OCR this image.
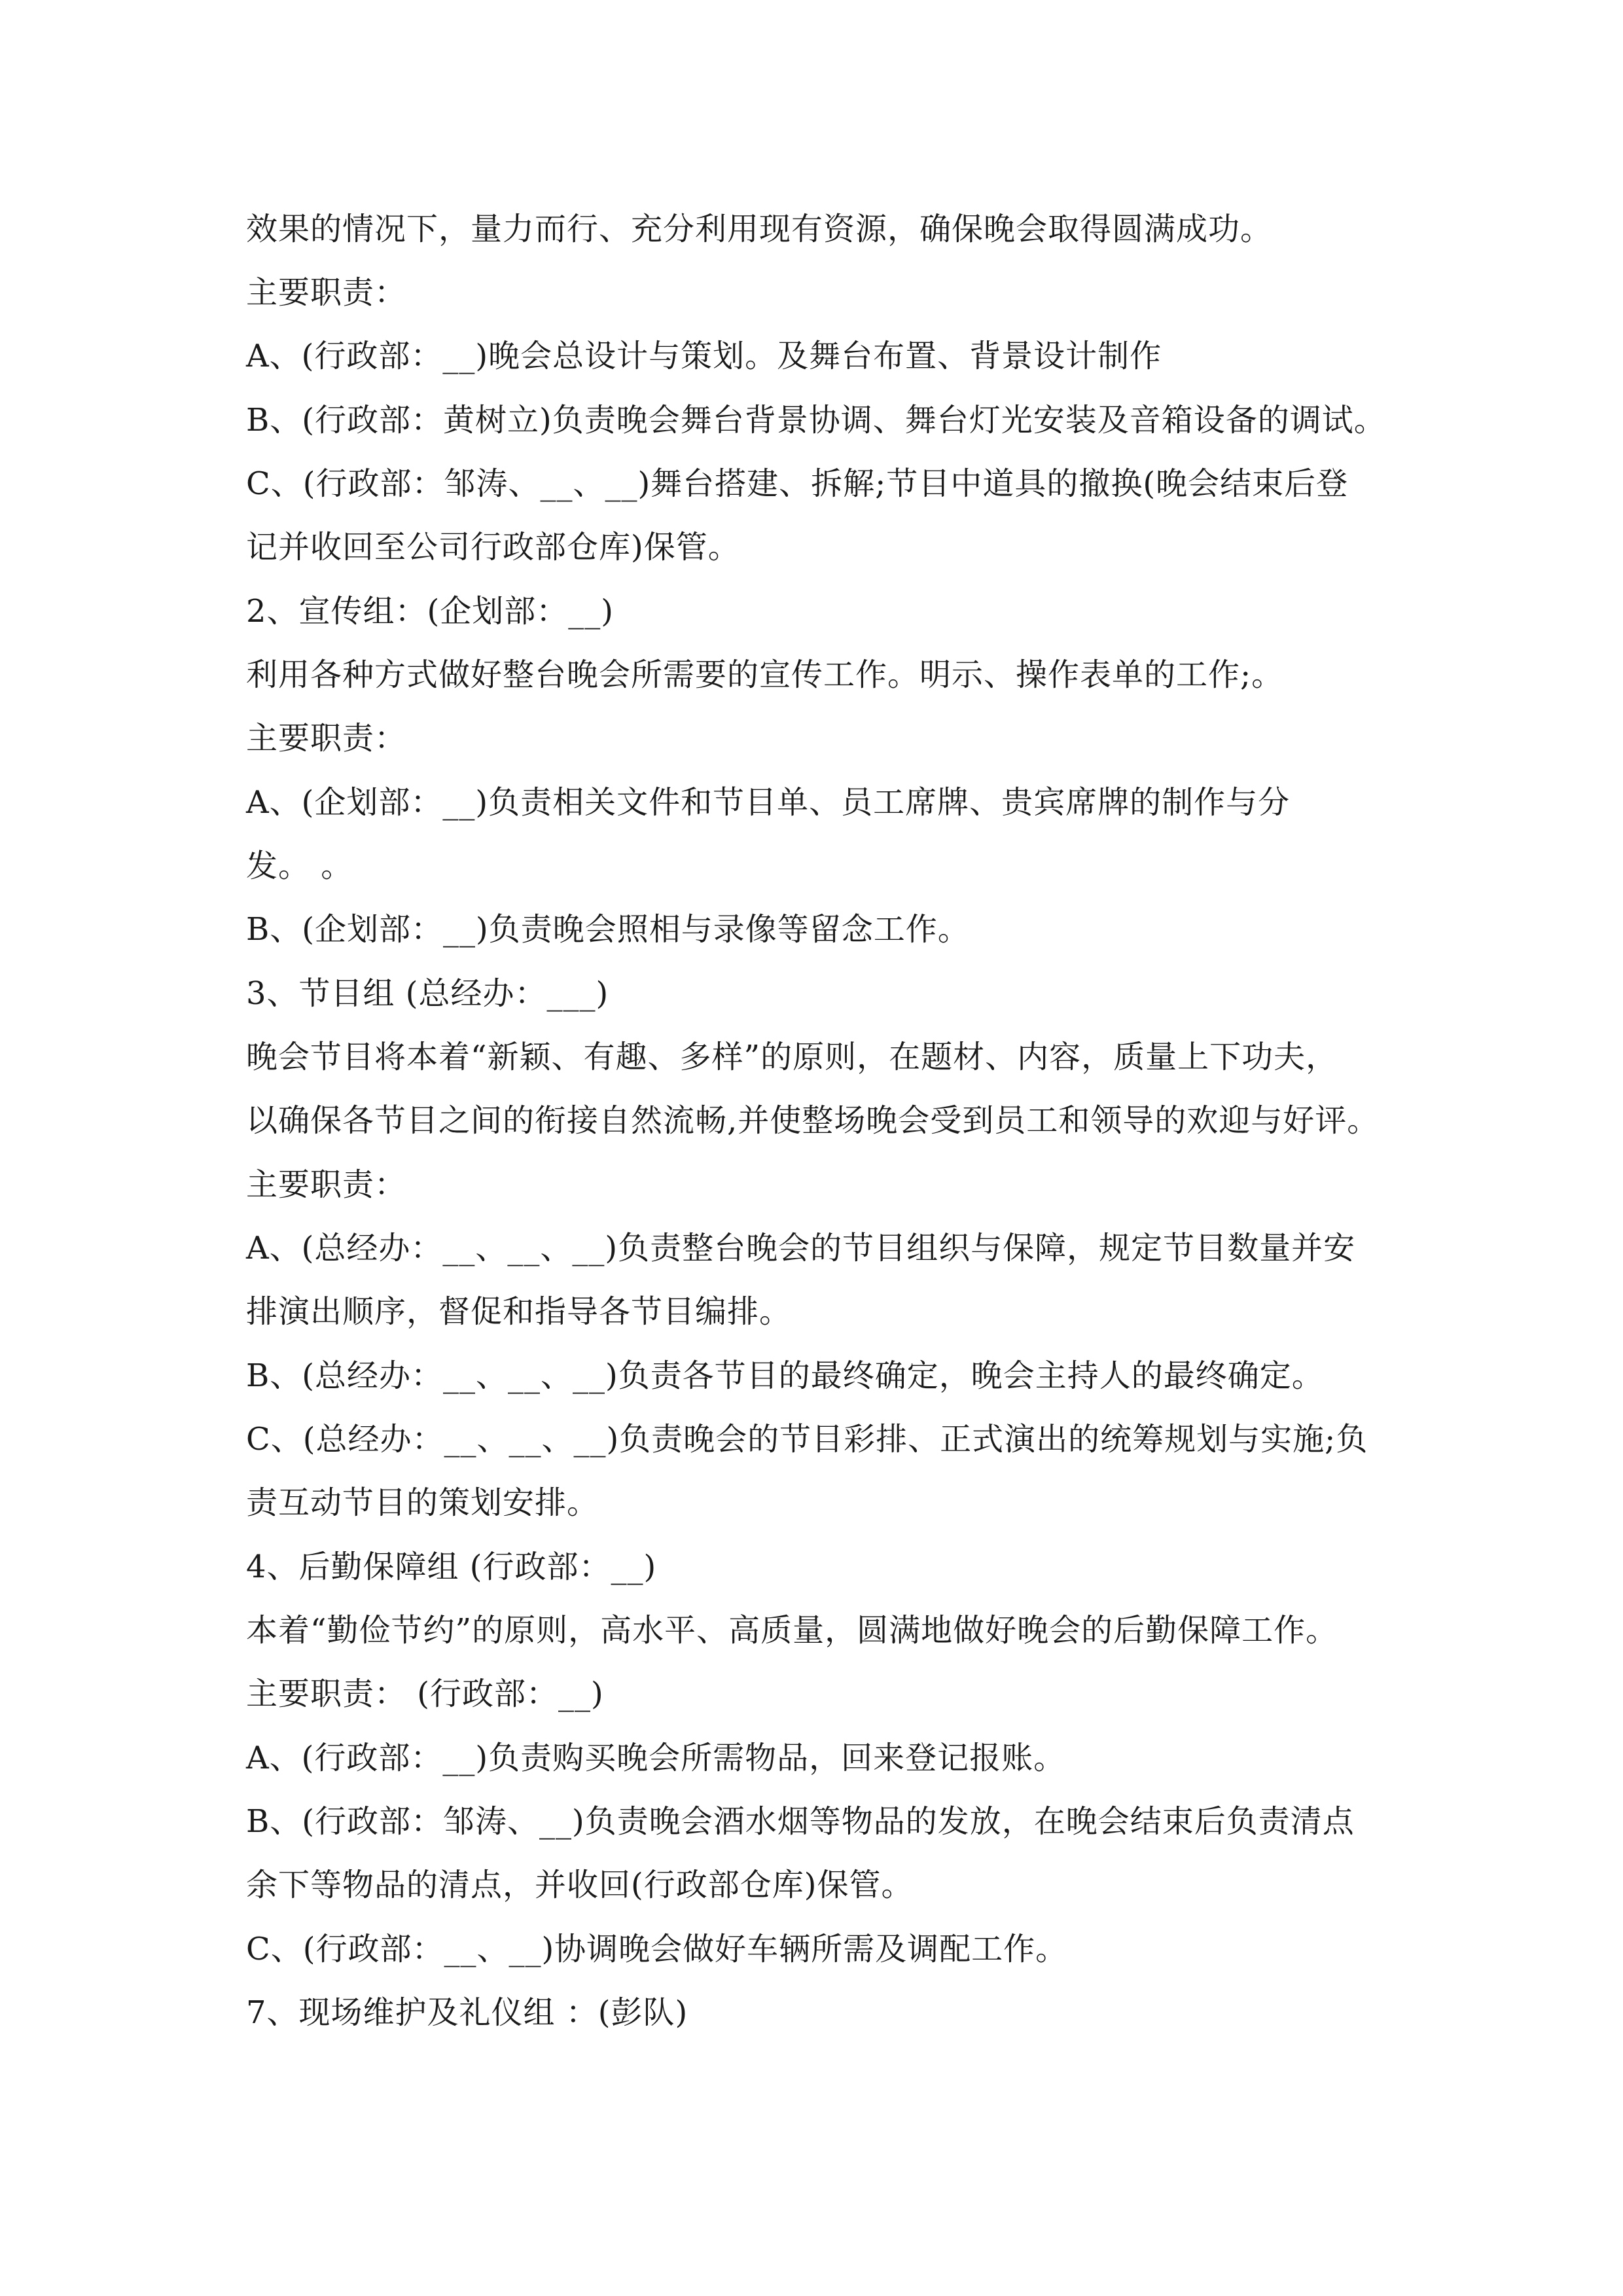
效果的情况下，量力而行、充分利用现有资源，确保晚会取得圆满成功。
主要职责：
A、(行政部：__)晚会总设计与策划。及舞台布置、背景设计制作
B、(行政部：黄树立)负责晚会舞台背景协调、舞台灯光安装及音箱设备的调试。
C、(行政部：邹涛、__、__)舞台搭建、拆解;节目中道具的撤换(晚会结束后登
记并收回至公司行政部仓库)保管。
2、宣传组：(企划部：__)
利用各种方式做好整台晚会所需要的宣传工作。明示、操作表单的工作;。
主要职责：
A、(企划部：__)负责相关文件和节目单、员工席牌、贵宾席牌的制作与分
发。 。
B、(企划部：__)负责晚会照相与录像等留念工作。
3、节目组 (总经办：___)
晚会节目将本着“新颖、有趣、多样”的原则，在题材、内容，质量上下功夫，
以确保各节目之间的衔接自然流畅,并使整场晚会受到员工和领导的欢迎与好评。
主要职责：
A、(总经办：__、__、__)负责整台晚会的节目组织与保障，规定节目数量并安
排演出顺序，督促和指导各节目编排。
B、(总经办：__、__、__)负责各节目的最终确定，晚会主持人的最终确定。
C、(总经办：__、__、__)负责晚会的节目彩排、正式演出的统筹规划与实施;负
责互动节目的策划安排。
4、后勤保障组 (行政部：__)
本着“勤俭节约”的原则，高水平、高质量，圆满地做好晚会的后勤保障工作。
主要职责： (行政部：__)
A、(行政部：__)负责购买晚会所需物品，回来登记报账。
B、(行政部：邹涛、__)负责晚会酒水烟等物品的发放，在晚会结束后负责清点
余下等物品的清点，并收回(行政部仓库)保管。
C、(行政部：__、__)协调晚会做好车辆所需及调配工作。
7、现场维护及礼仪组 ：(彭队)
